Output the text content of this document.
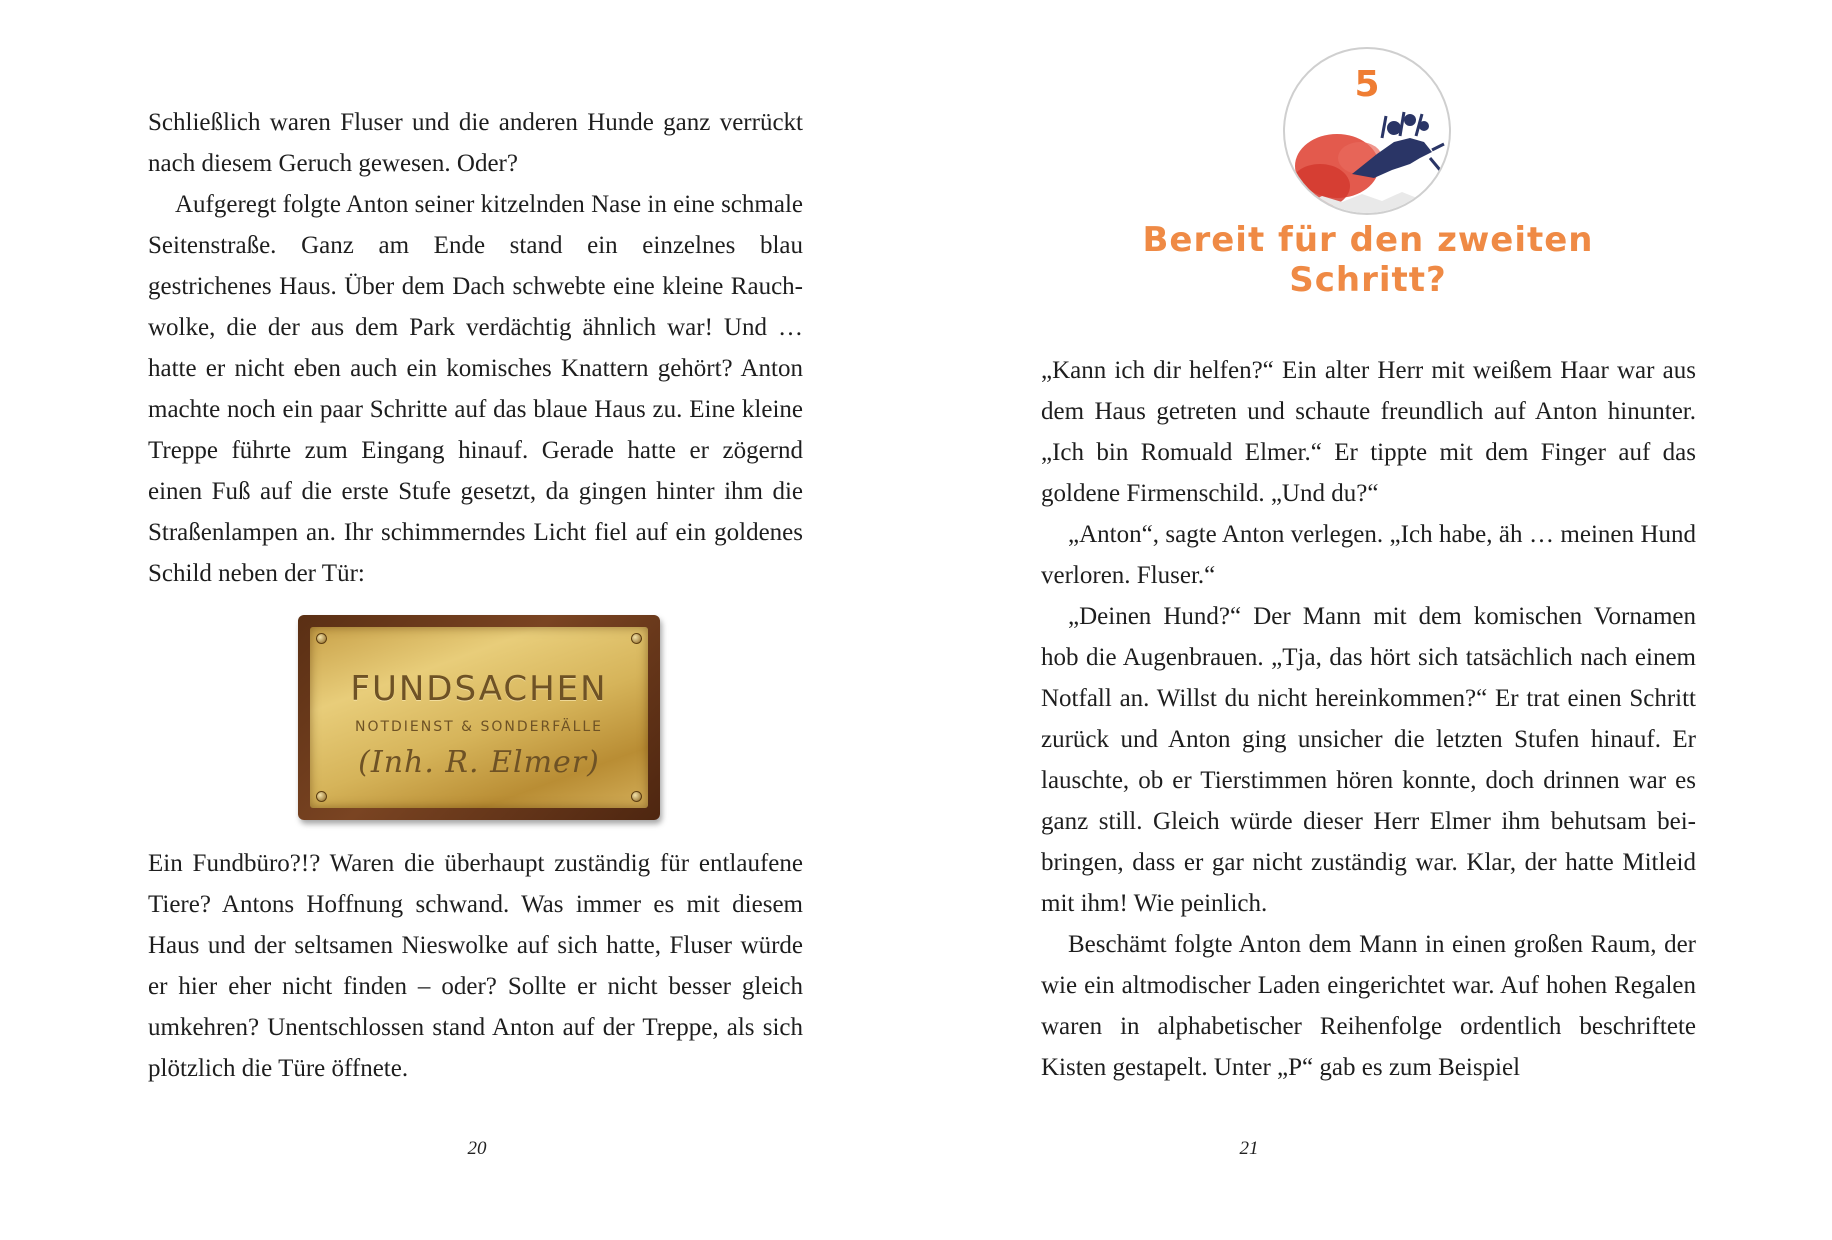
Schließlich waren Fluser und die anderen Hunde ganz verrückt nach diesem Geruch gewesen. Oder?

Aufgeregt folgte Anton seiner kitzelnden Nase in eine schmale Seitenstraße. Ganz am Ende stand ein einzelnes blau gestrichenes Haus. Über dem Dach schwebte eine kleine Rauchwolke, die der aus dem Park verdächtig ähnlich war! Und … hatte er nicht eben auch ein komisches Knattern gehört? Anton machte noch ein paar Schritte auf das blaue Haus zu. Eine kleine Treppe führte zum Eingang hinauf. Gerade hatte er zögernd einen Fuß auf die erste Stufe gesetzt, da gingen hinter ihm die Straßenlampen an. Ihr schimmerndes Licht fiel auf ein goldenes Schild neben der Tür:

FUNDSACHEN
NOTDIENST & SONDERFÄLLE
(Inh. R. Elmer)

Ein Fundbüro?!? Waren die überhaupt zuständig für entlaufene Tiere? Antons Hoffnung schwand. Was immer es mit diesem Haus und der seltsamen Nieswolke auf sich hatte, Fluser würde er hier eher nicht finden – oder? Sollte er nicht besser gleich umkehren? Unentschlossen stand Anton auf der Treppe, als sich plötzlich die Türe öffnete.

20
5
Bereit für den zweiten Schritt?

„Kann ich dir helfen?“ Ein alter Herr mit weißem Haar war aus dem Haus getreten und schaute freundlich auf Anton hinunter. „Ich bin Romuald Elmer.“ Er tippte mit dem Finger auf das goldene Firmenschild. „Und du?“

„Anton“, sagte Anton verlegen. „Ich habe, äh … meinen Hund verloren. Fluser.“

„Deinen Hund?“ Der Mann mit dem komischen Vornamen hob die Augenbrauen. „Tja, das hört sich tatsächlich nach einem Notfall an. Willst du nicht hereinkommen?“ Er trat einen Schritt zurück und Anton ging unsicher die letzten Stufen hinauf. Er lauschte, ob er Tierstimmen hören konnte, doch drinnen war es ganz still. Gleich würde dieser Herr Elmer ihm behutsam beibringen, dass er gar nicht zuständig war. Klar, der hatte Mitleid mit ihm! Wie peinlich.

Beschämt folgte Anton dem Mann in einen großen Raum, der wie ein altmodischer Laden eingerichtet war. Auf hohen Regalen waren in alphabetischer Reihenfolge ordentlich beschriftete Kisten gestapelt. Unter „P“ gab es zum Beispiel

21
